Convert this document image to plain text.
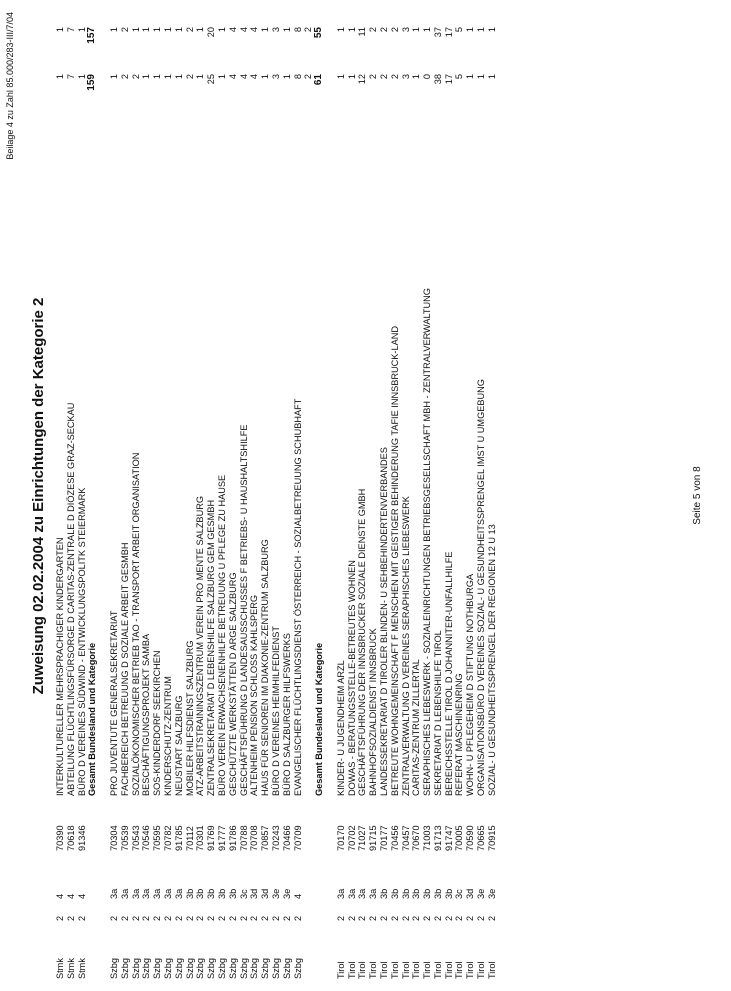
Beilage 4 zu Zahl 85.000/283-III/7/04
Zuweisung 02.02.2004 zu Einrichtungen der Kategorie 2
Stmk
2
4
70390
INTERKULTURELLER MEHRSPRACHIGER KINDERGARTEN
1
1
Stmk
2
4
70618
ABTEILUNG FLÜCHTLINGSFÜRSORGE D CARITAS-ZENTRALE D DIÖZESE GRAZ-SECKAU
7
7
Stmk
2
4
91346
BÜRO D VEREINES SÜDWIND - ENTWICKLUNGSPOLITK STEIERMARK
1
1
Gesamt Bundesland und Kategorie
159
157
Szbg
2
3a
70304
PRO JUVENTUTE GENERALSEKRETARIAT
1
1
Szbg
2
3a
70539
FACHBEREICH BETREUUNG D SOZIALE ARBEIT GESMBH
2
2
Szbg
2
3a
70543
SOZIALÖKONOMISCHER BETRIEB TAO - TRANSPORT ARBEIT ORGANISATION
2
1
Szbg
2
3a
70546
BESCHÄFTIGUNGSPROJEKT SAMBA
1
1
Szbg
2
3a
70595
SOS-KINDERDORF SEEKIRCHEN
1
1
Szbg
2
3a
70782
KINDERSCHUTZ-ZENTRUM
1
1
Szbg
2
3a
91785
NEUSTART SALZBURG
1
1
Szbg
2
3b
70112
MOBILER HILFSDIENST SALZBURG
2
2
Szbg
2
3b
70301
ATZ-ARBEITSTRAININGSZENTRUM VEREIN PRO MENTE SALZBURG
1
1
Szbg
2
3b
91769
ZENTRALSEKRETARIAT D LEBENSHILFE SALZBURG GEM GESMBH
25
20
Szbg
2
3b
91777
BÜRO VEREIN ERWACHSENENHILFE BETREUUNG U PFLEGE ZU HAUSE
1
1
Szbg
2
3b
91786
GESCHÜTZTE WERKSTÄTTEN D ARGE SALZBURG
4
4
Szbg
2
3c
70788
GESCHÄFTSFÜHRUNG D LANDESAUSSCHUSSES F BETRIEBS- U HAUSHALTSHILFE
4
4
Szbg
2
3d
70708
ALTENHEIM PENSION SCHLOSS KAHLSPERG
4
4
Szbg
2
3d
70857
HAUS FÜR SENIOREN IM DIAKONIE-ZENTRUM SALZBURG
1
1
Szbg
2
3e
70243
BÜRO D VEREINES HEIMHILFEDIENST
3
3
Szbg
2
3e
70466
BÜRO D SALZBURGER HILFSWERKS
1
1
Szbg
2
4
70709
EVANGELISCHER FLÜCHTLINGSDIENST ÖSTERREICH - SOZIALBETREUUNG SCHUBHAFT
8
8
2
2
Gesamt Bundesland und Kategorie
61
55
Tirol
2
3a
70170
KINDER- U JUGENDHEIM ARZL
1
1
Tirol
2
3a
70702
DOWAS - BERATUNGSSTELLE-BETREUTES WOHNEN
1
1
Tirol
2
3a
71027
GESCHÄFTSFÜHRUNG DER INNSBRUCKER SOZIALE DIENSTE GMBH
12
11
Tirol
2
3a
91715
BAHNHOFSOZIALDIENST INNSBRUCK
2
2
Tirol
2
3b
70177
LANDESSEKRETARIAT D TIROLER BLINDEN- U SEHBEHINDERTENVERBANDES
2
2
Tirol
2
3b
70456
BETREUTE WOHNGEMEINSCHAFT F MENSCHEN MIT GEISTIGER BEHINDERUNG TAFIE INNSBRUCK-LAND
2
2
Tirol
2
3b
70457
ZENTRALVERWALTUNG D VEREINES SERAPHISCHES LIEBESWERK
3
3
Tirol
2
3b
70670
CARITAS-ZENTRUM ZILLERTAL
1
1
Tirol
2
3b
71003
SERAPHISCHES LIEBESWERK - SOZIALEINRICHTUNGEN BETRIEBSGESELLSCHAFT MBH - ZENTRALVERWALTUNG
0
1
Tirol
2
3b
91713
SEKRETARIAT D LEBENSHILFE TIROL
38
37
Tirol
2
3b
91747
BEREICHSSTELLE TIROL D JOHANNITER-UNFALLHILFE
17
17
Tirol
2
3c
70005
REFERAT MASCHINENRING
5
5
Tirol
2
3d
70590
WOHN- U PFLEGEHEIM D STIFTUNG NOTHBURGA
1
1
Tirol
2
3e
70665
ORGANISATIONSBÜRO D VEREINES SOZIAL- U GESUNDHEITSSPRENGEL IMST U UMGEBUNG
1
1
Tirol
2
3e
70915
SOZIAL- U GESUNDHEITSSPRENGEL DER REGIONEN 12 U 13
1
1
Seite 5 von 8
